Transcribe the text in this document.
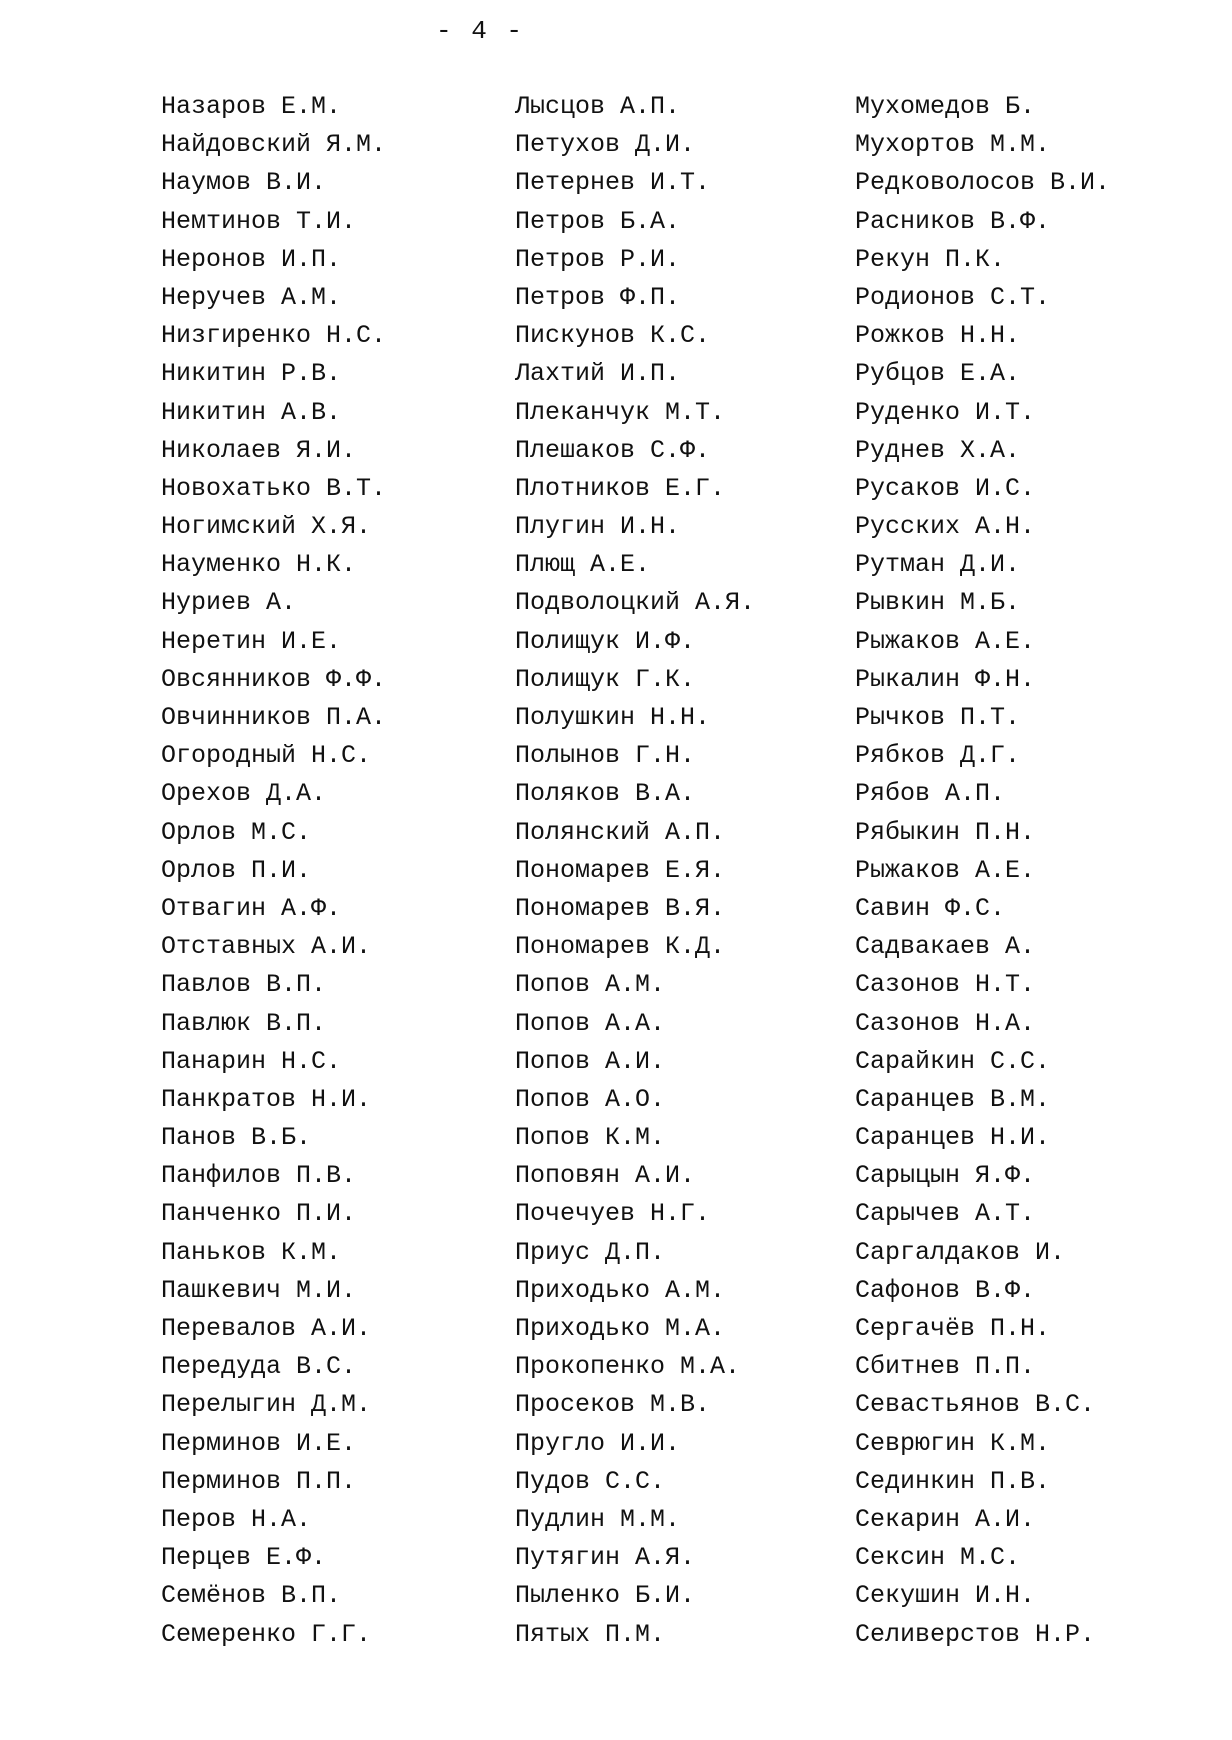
- 4 -
Назаров Е.М.
Найдовский Я.М.
Наумов В.И.
Немтинов Т.И.
Неронов И.П.
Неручев А.М.
Низгиренко Н.С.
Никитин Р.В.
Никитин А.В.
Николаев Я.И.
Новохатько В.Т.
Ногимский Х.Я.
Науменко Н.К.
Нуриев А.
Неретин И.Е.
Овсянников Ф.Ф.
Овчинников П.А.
Огородный Н.С.
Орехов Д.А.
Орлов М.С.
Орлов П.И.
Отвагин А.Ф.
Отставных А.И.
Павлов В.П.
Павлюк В.П.
Панарин Н.С.
Панкратов Н.И.
Панов В.Б.
Панфилов П.В.
Панченко П.И.
Паньков К.М.
Пашкевич М.И.
Перевалов А.И.
Передуда В.С.
Перелыгин Д.М.
Перминов И.Е.
Перминов П.П.
Перов Н.А.
Перцев Е.Ф.
Семёнов В.П.
Семеренко Г.Г.
Лысцов А.П.
Петухов Д.И.
Петернев И.Т.
Петров Б.А.
Петров Р.И.
Петров Ф.П.
Пискунов К.С.
Лахтий И.П.
Плеканчук М.Т.
Плешаков С.Ф.
Плотников Е.Г.
Плугин И.Н.
Плющ А.Е.
Подволоцкий А.Я.
Полищук И.Ф.
Полищук Г.К.
Полушкин Н.Н.
Полынов Г.Н.
Поляков В.А.
Полянский А.П.
Пономарев Е.Я.
Пономарев В.Я.
Пономарев К.Д.
Попов А.М.
Попов А.А.
Попов А.И.
Попов А.О.
Попов К.М.
Поповян А.И.
Почечуев Н.Г.
Приус Д.П.
Приходько А.М.
Приходько М.А.
Прокопенко М.А.
Просеков М.В.
Пругло И.И.
Пудов С.С.
Пудлин М.М.
Путягин А.Я.
Пыленко Б.И.
Пятых П.М.
Мухомедов Б.
Мухортов М.М.
Редковолосов В.И.
Расников В.Ф.
Рекун П.К.
Родионов С.Т.
Рожков Н.Н.
Рубцов Е.А.
Руденко И.Т.
Руднев Х.А.
Русаков И.С.
Русских А.Н.
Рутман Д.И.
Рывкин М.Б.
Рыжаков А.Е.
Рыкалин Ф.Н.
Рычков П.Т.
Рябков Д.Г.
Рябов А.П.
Рябыкин П.Н.
Рыжаков А.Е.
Савин Ф.С.
Садвакаев А.
Сазонов Н.Т.
Сазонов Н.А.
Сарайкин С.С.
Саранцев В.М.
Саранцев Н.И.
Сарыцын Я.Ф.
Сарычев А.Т.
Саргалдаков И.
Сафонов В.Ф.
Сергачёв П.Н.
Сбитнев П.П.
Севастьянов В.С.
Севрюгин К.М.
Сединкин П.В.
Секарин А.И.
Сексин М.С.
Секушин И.Н.
Селиверстов Н.Р.
